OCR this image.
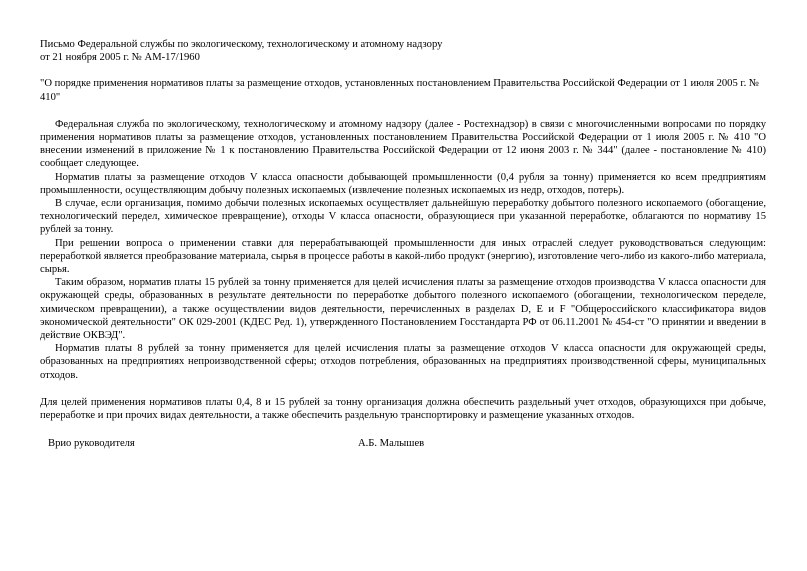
Письмо Федеральной службы по экологическому, технологическому и атомному надзору

от 21 ноября 2005 г. № АМ-17/1960

"О порядке применения нормативов платы за размещение отходов, установленных постановлением Правительства Российской Федерации от 1 июля 2005 г. № 410"

Федеральная служба по экологическому, технологическому и атомному надзору (далее - Ростехнадзор) в связи с многочисленными вопросами по порядку применения нормативов платы за размещение отходов, установленных постановлением Правительства Российской Федерации от 1 июля 2005 г. № 410 "О внесении изменений в приложение № 1 к постановлению Правительства Российской Федерации от 12 июня 2003 г. № 344" (далее - постановление № 410) сообщает следующее.

Норматив платы за размещение отходов V класса опасности добывающей промышленности (0,4 рубля за тонну) применяется ко всем предприятиям промышленности, осуществляющим добычу полезных ископаемых (извлечение полезных ископаемых из недр, отходов, потерь).

В случае, если организация, помимо добычи полезных ископаемых осуществляет дальнейшую переработку добытого полезного ископаемого (обогащение, технологический передел, химическое превращение), отходы V класса опасности, образующиеся при указанной переработке, облагаются по нормативу 15 рублей за тонну.

При решении вопроса о применении ставки для перерабатывающей промышленности для иных отраслей следует руководствоваться следующим: переработкой является преобразование материала, сырья в процессе работы в какой-либо продукт (энергию), изготовление чего-либо из какого-либо материала, сырья.

Таким образом, норматив платы 15 рублей за тонну применяется для целей исчисления платы за размещение отходов производства V класса опасности для окружающей среды, образованных в результате деятельности по переработке добытого полезного ископаемого (обогащении, технологическом переделе, химическом превращении), а также осуществлении видов деятельности, перечисленных в разделах D, E и F "Общероссийского классификатора видов экономической деятельности" ОК 029-2001 (КДЕС Ред. 1), утвержденного Постановлением Госстандарта РФ от 06.11.2001 № 454-ст "О принятии и введении в действие ОКВЭД".

Норматив платы 8 рублей за тонну применяется для целей исчисления платы за размещение отходов V класса опасности для окружающей среды, образованных на предприятиях непроизводственной сферы; отходов потребления, образованных на предприятиях производственной сферы, муниципальных отходов.

Для целей применения нормативов платы 0,4, 8 и 15 рублей за тонну организация должна обеспечить раздельный учет отходов, образующихся при добыче, переработке и при прочих видах деятельности, а также обеспечить раздельную транспортировку и размещение указанных отходов.

Врио руководителя	А.Б. Малышев
